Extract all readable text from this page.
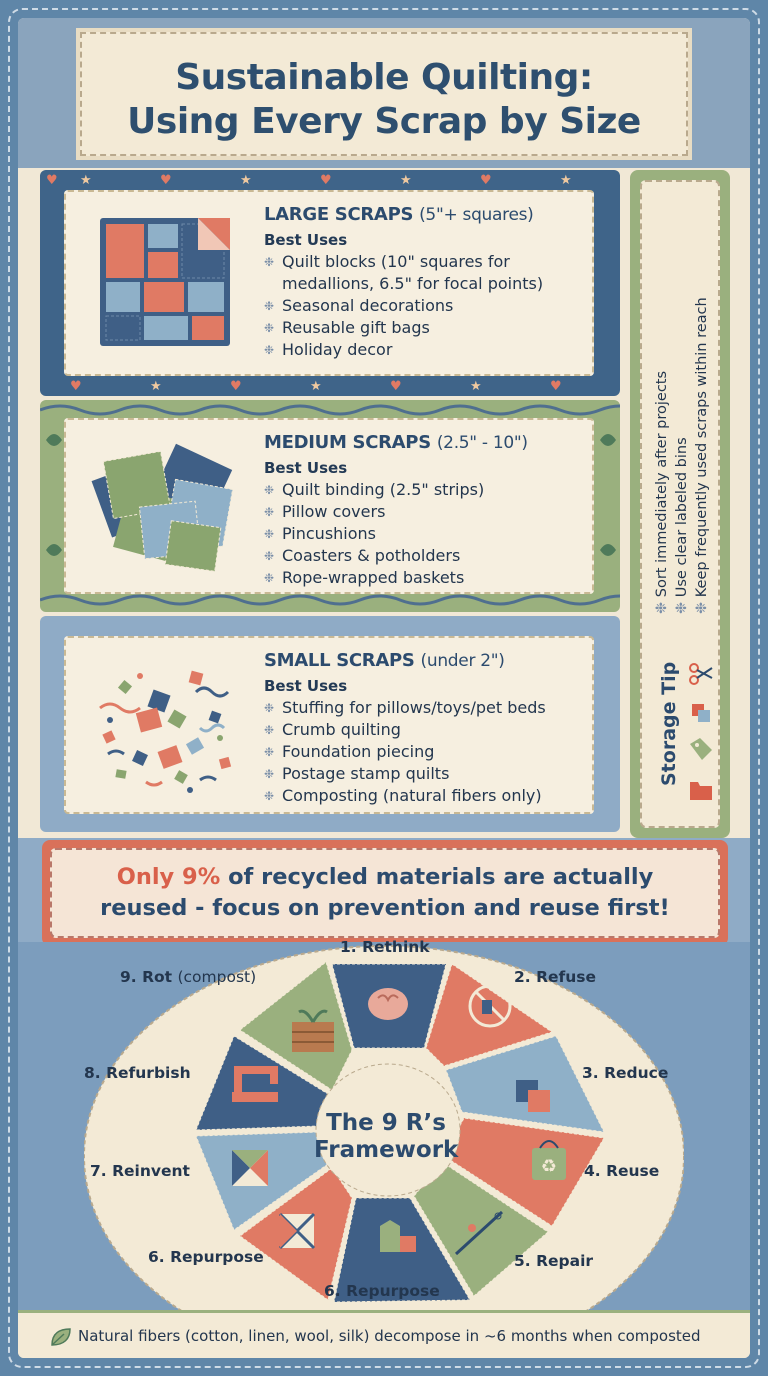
Sustainable Quilting:
Using Every Scrap by Size
♥ ★	♥	★	♥	★	♥	★
♥	★	♥	★	♥	★	♥
LARGE SCRAPS (5"+ squares)
Best Uses
❉ Quilt blocks (10" squares for
medallions, 6.5" for focal points)
❉ Seasonal decorations
❉ Reusable gift bags
❉ Holiday decor
MEDIUM SCRAPS (2.5" - 10")
Best Uses
❉ Quilt binding (2.5" strips)
❉ Pillow covers
❉ Pincushions
❉ Coasters & potholders
❉ Rope-wrapped baskets
SMALL SCRAPS (under 2")
Best Uses
❉ Stuffing for pillows/toys/pet beds
❉ Crumb quilting
❉ Foundation piecing
❉ Postage stamp quilts
❉ Composting (natural fibers only)
Storage Tip
❉ Sort immediately after projects
❉ Use clear labeled bins
❉ Keep frequently used scraps within reach
Only 9% of recycled materials are actually
reused - focus on prevention and reuse first!
♻
The 9 R’s
Framework
1. Rethink
2. Refuse
3. Reduce
4. Reuse
5. Repair
6. Repurpose
6. Repurpose
7. Reinvent
8. Refurbish
9. Rot (compost)
Natural fibers (cotton, linen, wool, silk) decompose in ~6 months when composted
